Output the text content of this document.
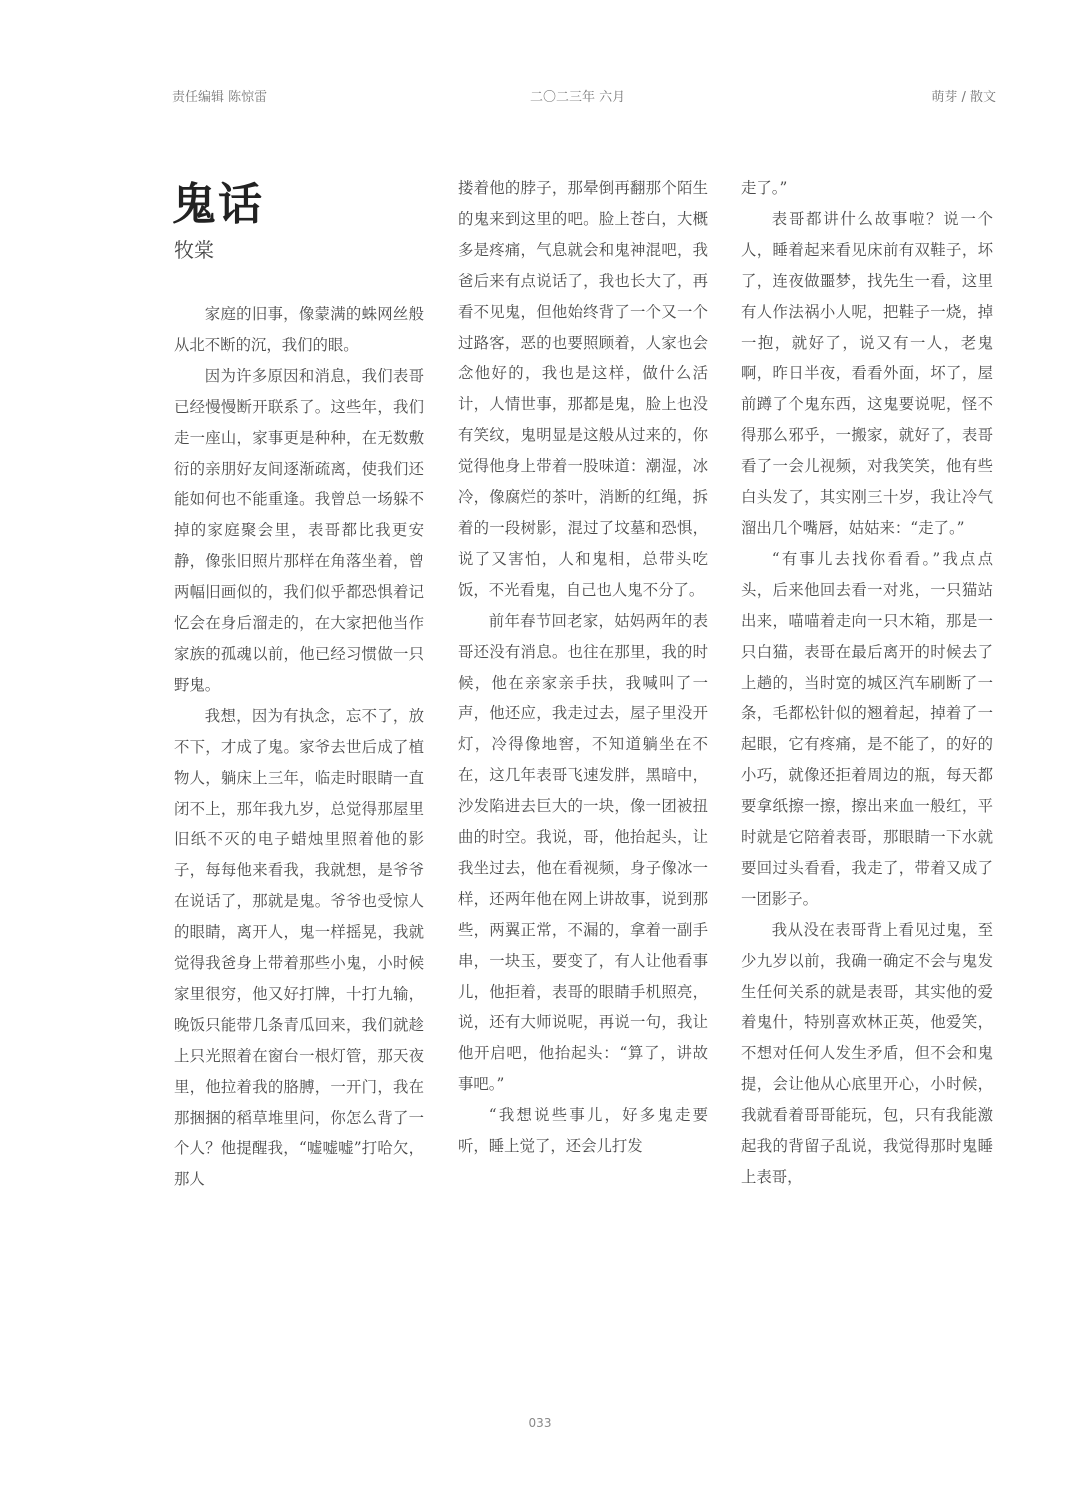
责任编辑 陈惊雷	二〇二三年 六月	萌芽 / 散文
鬼话
牧棠

家庭的旧事，像蒙满的蛛网丝般从北不断的沉，我们的眼。

因为许多原因和消息，我们表哥已经慢慢断开联系了。这些年，我们走一座山，家事更是种种，在无数敷衍的亲朋好友间逐渐疏离，使我们还能如何也不能重逢。我曾总一场躲不掉的家庭聚会里，表哥都比我更安静，像张旧照片那样在角落坐着，曾两幅旧画似的，我们似乎都恐惧着记忆会在身后溜走的，在大家把他当作家族的孤魂以前，他已经习惯做一只野鬼。

我想，因为有执念，忘不了，放不下，才成了鬼。家爷去世后成了植物人，躺床上三年，临走时眼睛一直闭不上，那年我九岁，总觉得那屋里旧纸不灭的电子蜡烛里照着他的影子，每每他来看我，我就想，是爷爷在说话了，那就是鬼。爷爷也受惊人的眼睛，离开人，鬼一样摇晃，我就觉得我爸身上带着那些小鬼，小时候家里很穷，他又好打牌，十打九输，晚饭只能带几条青瓜回来，我们就趁上只光照着在窗台一根灯管，那天夜里，他拉着我的胳膊，一开门，我在那捆捆的稻草堆里问，你怎么背了一个人？他提醒我，“嘘嘘嘘”打哈欠，那人

搂着他的脖子，那晕倒再翻那个陌生的鬼来到这里的吧。脸上苍白，大概多是疼痛，气息就会和鬼神混吧，我爸后来有点说话了，我也长大了，再看不见鬼，但他始终背了一个又一个过路客，恶的也要照顾着，人家也会念他好的，我也是这样，做什么活计，人情世事，那都是鬼，脸上也没有笑纹，鬼明显是这般从过来的，你觉得他身上带着一股味道：潮湿，冰冷，像腐烂的茶叶，消断的红绳，拆着的一段树影，混过了坟墓和恐惧，说了又害怕，人和鬼相，总带头吃饭，不光看鬼，自己也人鬼不分了。

前年春节回老家，姑妈两年的表哥还没有消息。也往在那里，我的时候，他在亲家亲手扶，我喊叫了一声，他还应，我走过去，屋子里没开灯，冷得像地窖，不知道躺坐在不在，这几年表哥飞速发胖，黑暗中，沙发陷进去巨大的一块，像一团被扭曲的时空。我说，哥，他抬起头，让我坐过去，他在看视频，身子像冰一样，还两年他在网上讲故事，说到那些，两翼正常，不漏的，拿着一副手串，一块玉，要变了，有人让他看事儿，他拒着，表哥的眼睛手机照亮，说，还有大师说呢，再说一句，我让他开启吧，他抬起头：“算了，讲故事吧。”

“我想说些事儿，好多鬼走要听，睡上觉了，还会儿打发

走了。”

表哥都讲什么故事啦？说一个人，睡着起来看见床前有双鞋子，坏了，连夜做噩梦，找先生一看，这里有人作法祸小人呢，把鞋子一烧，掉一抱，就好了，说又有一人，老鬼啊，昨日半夜，看看外面，坏了，屋前蹲了个鬼东西，这鬼要说呢，怪不得那么邪乎，一搬家，就好了，表哥看了一会儿视频，对我笑笑，他有些白头发了，其实刚三十岁，我让冷气溜出几个嘴唇，姑姑来：“走了。”

“有事儿去找你看看。”我点点头，后来他回去看一对兆，一只猫站出来，喵喵着走向一只木箱，那是一只白猫，表哥在最后离开的时候去了上趟的，当时宽的城区汽车刷断了一条，毛都松针似的翘着起，掉着了一起眼，它有疼痛，是不能了，的好的小巧，就像还拒着周边的瓶，每天都要拿纸擦一擦，擦出来血一般红，平时就是它陪着表哥，那眼睛一下水就要回过头看看，我走了，带着又成了一团影子。

我从没在表哥背上看见过鬼，至少九岁以前，我确一确定不会与鬼发生任何关系的就是表哥，其实他的爱着鬼什，特别喜欢林正英，他爱笑，不想对任何人发生矛盾，但不会和鬼提，会让他从心底里开心，小时候，我就看着哥哥能玩，包，只有我能激起我的背留子乱说，我觉得那时鬼睡上表哥，

033
